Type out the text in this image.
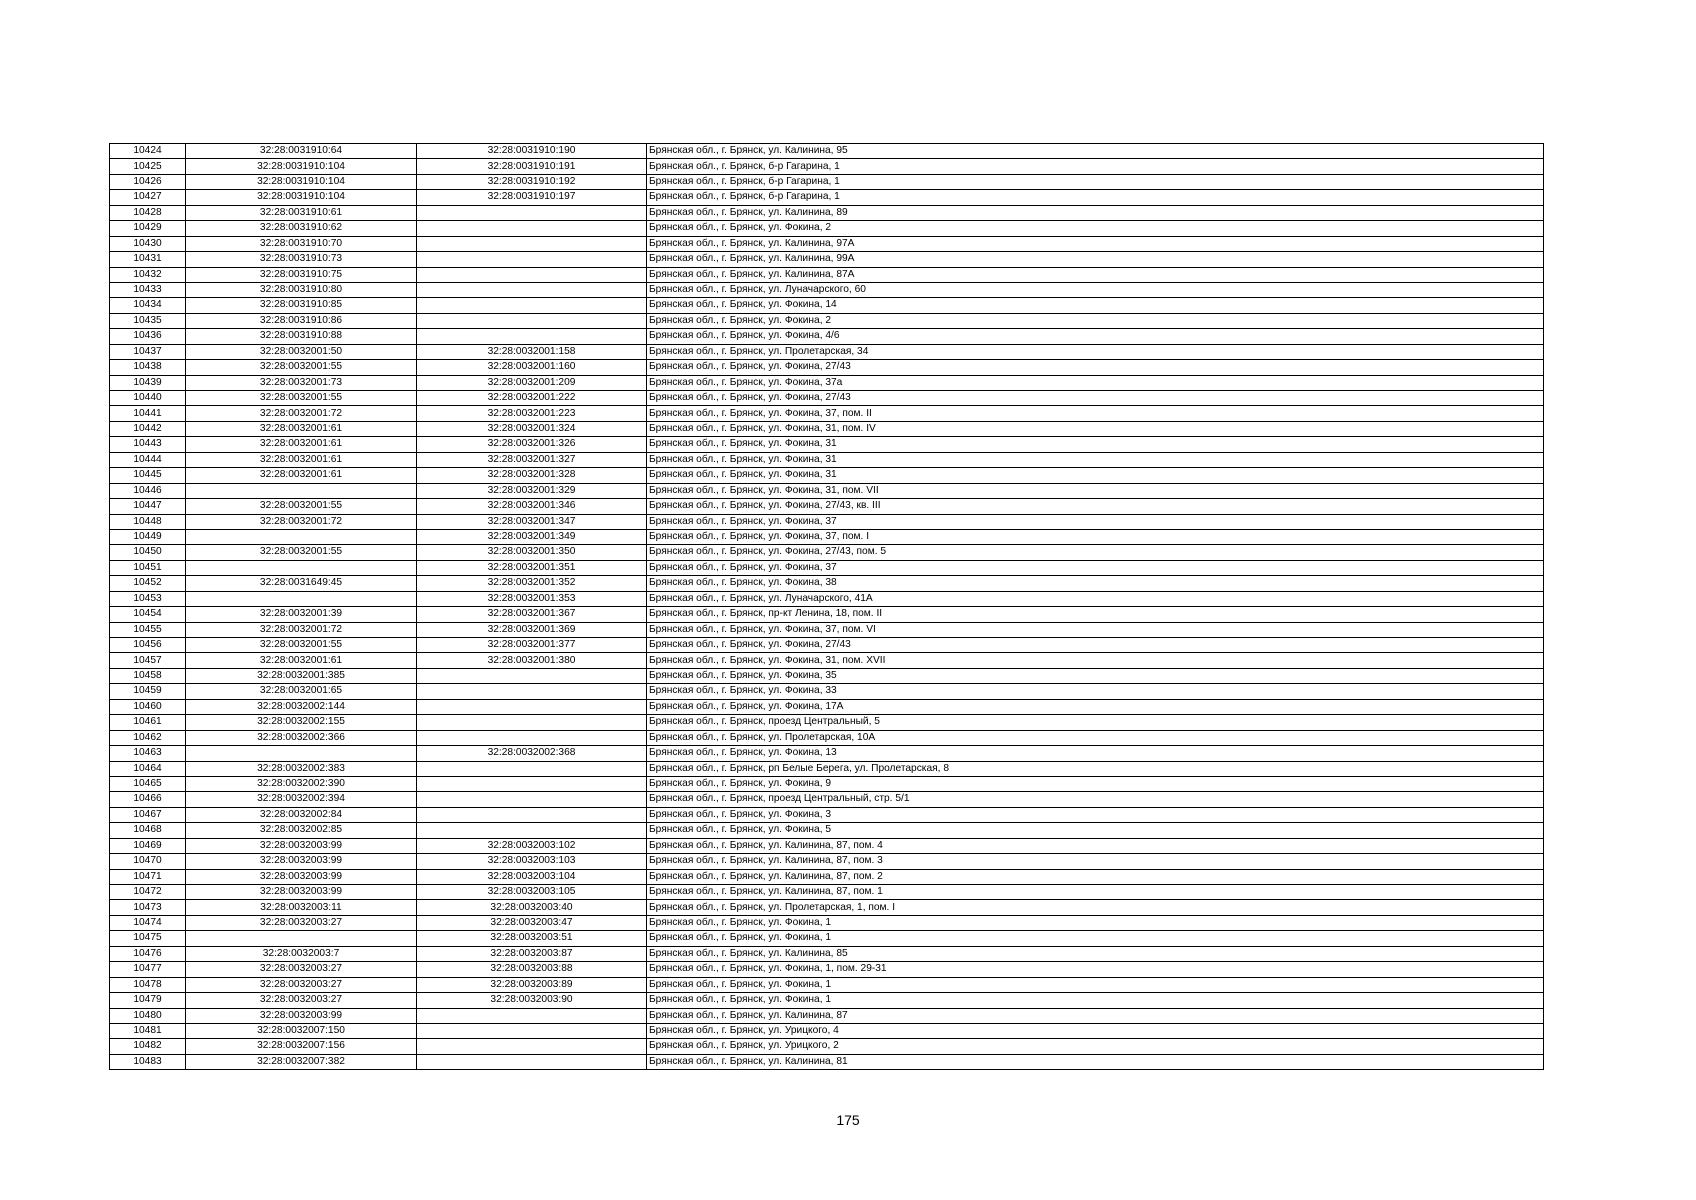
10424	32:28:0031910:64	32:28:0031910:190	Брянская обл., г. Брянск, ул. Калинина, 95
10425	32:28:0031910:104	32:28:0031910:191	Брянская обл., г. Брянск, б-р Гагарина, 1
10426	32:28:0031910:104	32:28:0031910:192	Брянская обл., г. Брянск, б-р Гагарина, 1
10427	32:28:0031910:104	32:28:0031910:197	Брянская обл., г. Брянск, б-р Гагарина, 1
10428	32:28:0031910:61		Брянская обл., г. Брянск, ул. Калинина, 89
10429	32:28:0031910:62		Брянская обл., г. Брянск, ул. Фокина, 2
10430	32:28:0031910:70		Брянская обл., г. Брянск, ул. Калинина, 97А
10431	32:28:0031910:73		Брянская обл., г. Брянск, ул. Калинина, 99А
10432	32:28:0031910:75		Брянская обл., г. Брянск, ул. Калинина, 87А
10433	32:28:0031910:80		Брянская обл., г. Брянск, ул. Луначарского, 60
10434	32:28:0031910:85		Брянская обл., г. Брянск, ул. Фокина, 14
10435	32:28:0031910:86		Брянская обл., г. Брянск, ул. Фокина, 2
10436	32:28:0031910:88		Брянская обл., г. Брянск, ул. Фокина, 4/6
10437	32:28:0032001:50	32:28:0032001:158	Брянская обл., г. Брянск, ул. Пролетарская, 34
10438	32:28:0032001:55	32:28:0032001:160	Брянская обл., г. Брянск, ул. Фокина, 27/43
10439	32:28:0032001:73	32:28:0032001:209	Брянская обл., г. Брянск, ул. Фокина, 37а
10440	32:28:0032001:55	32:28:0032001:222	Брянская обл., г. Брянск, ул. Фокина, 27/43
10441	32:28:0032001:72	32:28:0032001:223	Брянская обл., г. Брянск, ул. Фокина, 37, пом. II
10442	32:28:0032001:61	32:28:0032001:324	Брянская обл., г. Брянск, ул. Фокина, 31, пом. IV
10443	32:28:0032001:61	32:28:0032001:326	Брянская обл., г. Брянск, ул. Фокина, 31
10444	32:28:0032001:61	32:28:0032001:327	Брянская обл., г. Брянск, ул. Фокина, 31
10445	32:28:0032001:61	32:28:0032001:328	Брянская обл., г. Брянск, ул. Фокина, 31
10446		32:28:0032001:329	Брянская обл., г. Брянск, ул. Фокина, 31, пом. VII
10447	32:28:0032001:55	32:28:0032001:346	Брянская обл., г. Брянск, ул. Фокина, 27/43, кв. III
10448	32:28:0032001:72	32:28:0032001:347	Брянская обл., г. Брянск, ул. Фокина, 37
10449		32:28:0032001:349	Брянская обл., г. Брянск, ул. Фокина, 37, пом. I
10450	32:28:0032001:55	32:28:0032001:350	Брянская обл., г. Брянск, ул. Фокина, 27/43, пом. 5
10451		32:28:0032001:351	Брянская обл., г. Брянск, ул. Фокина, 37
10452	32:28:0031649:45	32:28:0032001:352	Брянская обл., г. Брянск, ул. Фокина, 38
10453		32:28:0032001:353	Брянская обл., г. Брянск, ул. Луначарского, 41А
10454	32:28:0032001:39	32:28:0032001:367	Брянская обл., г. Брянск, пр-кт Ленина, 18, пом. II
10455	32:28:0032001:72	32:28:0032001:369	Брянская обл., г. Брянск, ул. Фокина, 37, пом. VI
10456	32:28:0032001:55	32:28:0032001:377	Брянская обл., г. Брянск, ул. Фокина, 27/43
10457	32:28:0032001:61	32:28:0032001:380	Брянская обл., г. Брянск, ул. Фокина, 31, пом. XVII
10458	32:28:0032001:385		Брянская обл., г. Брянск, ул. Фокина, 35
10459	32:28:0032001:65		Брянская обл., г. Брянск, ул. Фокина, 33
10460	32:28:0032002:144		Брянская обл., г. Брянск, ул. Фокина, 17А
10461	32:28:0032002:155		Брянская обл., г. Брянск, проезд Центральный, 5
10462	32:28:0032002:366		Брянская обл., г. Брянск, ул. Пролетарская, 10А
10463		32:28:0032002:368	Брянская обл., г. Брянск, ул. Фокина, 13
10464	32:28:0032002:383		Брянская обл., г. Брянск, рп Белые Берега, ул. Пролетарская, 8
10465	32:28:0032002:390		Брянская обл., г. Брянск, ул. Фокина, 9
10466	32:28:0032002:394		Брянская обл., г. Брянск, проезд Центральный, стр. 5/1
10467	32:28:0032002:84		Брянская обл., г. Брянск, ул. Фокина, 3
10468	32:28:0032002:85		Брянская обл., г. Брянск, ул. Фокина, 5
10469	32:28:0032003:99	32:28:0032003:102	Брянская обл., г. Брянск, ул. Калинина, 87, пом. 4
10470	32:28:0032003:99	32:28:0032003:103	Брянская обл., г. Брянск, ул. Калинина, 87, пом. 3
10471	32:28:0032003:99	32:28:0032003:104	Брянская обл., г. Брянск, ул. Калинина, 87, пом. 2
10472	32:28:0032003:99	32:28:0032003:105	Брянская обл., г. Брянск, ул. Калинина, 87, пом. 1
10473	32:28:0032003:11	32:28:0032003:40	Брянская обл., г. Брянск, ул. Пролетарская, 1, пом. I
10474	32:28:0032003:27	32:28:0032003:47	Брянская обл., г. Брянск, ул. Фокина, 1
10475		32:28:0032003:51	Брянская обл., г. Брянск, ул. Фокина, 1
10476	32:28:0032003:7	32:28:0032003:87	Брянская обл., г. Брянск, ул. Калинина, 85
10477	32:28:0032003:27	32:28:0032003:88	Брянская обл., г. Брянск, ул. Фокина, 1, пом. 29-31
10478	32:28:0032003:27	32:28:0032003:89	Брянская обл., г. Брянск, ул. Фокина, 1
10479	32:28:0032003:27	32:28:0032003:90	Брянская обл., г. Брянск, ул. Фокина, 1
10480	32:28:0032003:99		Брянская обл., г. Брянск, ул. Калинина, 87
10481	32:28:0032007:150		Брянская обл., г. Брянск, ул. Урицкого, 4
10482	32:28:0032007:156		Брянская обл., г. Брянск, ул. Урицкого, 2
10483	32:28:0032007:382		Брянская обл., г. Брянск, ул. Калинина, 81
175
